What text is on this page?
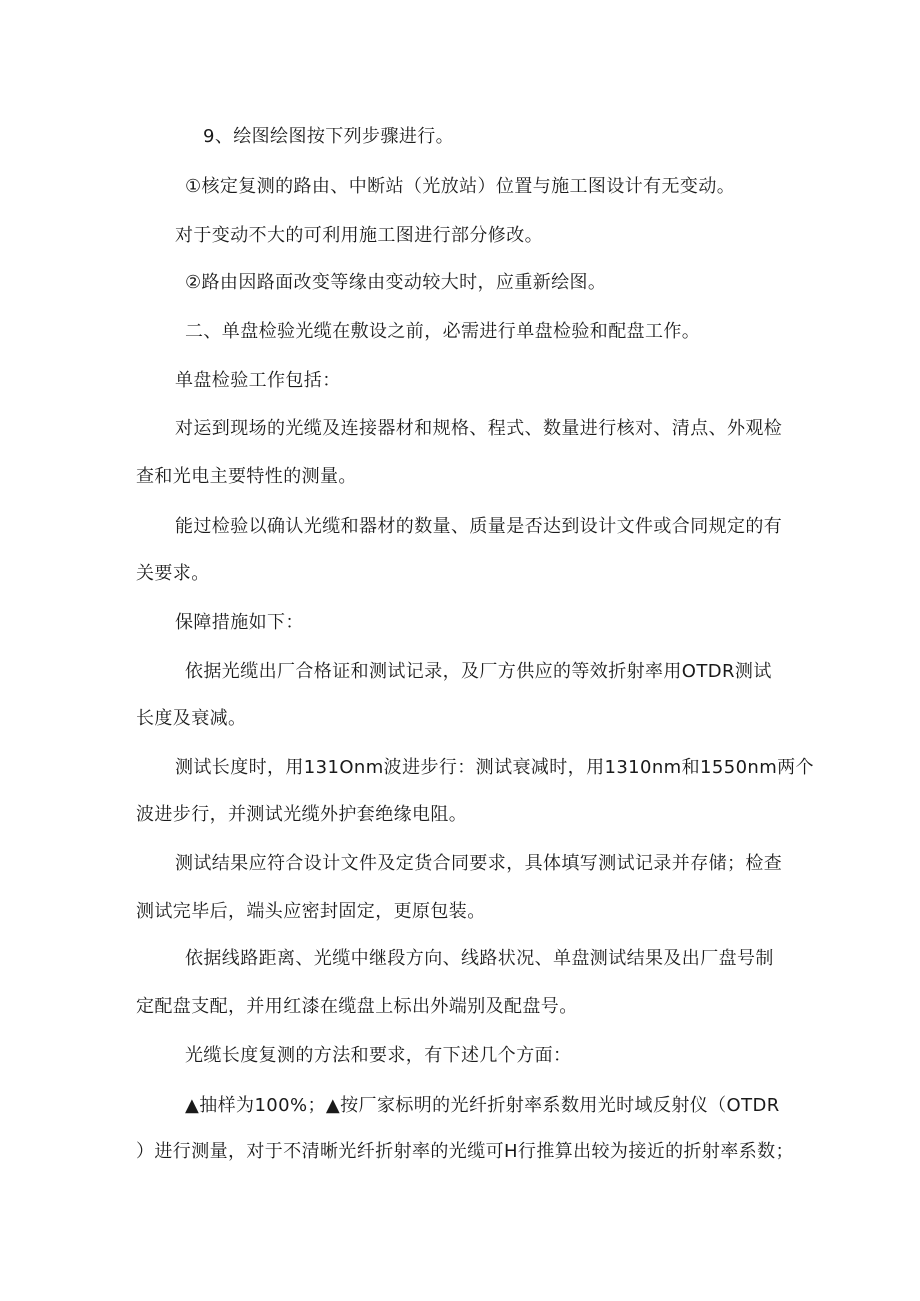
9、绘图绘图按下列步骤进行。
①核定复测的路由、中断站（光放站）位置与施工图设计有无变动。
对于变动不大的可利用施工图进行部分修改。
②路由因路面改变等缘由变动较大时，应重新绘图。
二、单盘检验光缆在敷设之前，必需进行单盘检验和配盘工作。
单盘检验工作包括：
对运到现场的光缆及连接器材和规格、程式、数量进行核对、清点、外观检
查和光电主要特性的测量。
能过检验以确认光缆和器材的数量、质量是否达到设计文件或合同规定的有
关要求。
保障措施如下：
依据光缆出厂合格证和测试记录，及厂方供应的等效折射率用OTDR测试
长度及衰减。
测试长度时，用131Onm波进步行：测试衰减时，用1310nm和1550nm两个
波进步行，并测试光缆外护套绝缘电阻。
测试结果应符合设计文件及定货合同要求，具体填写测试记录并存储；检查
测试完毕后，端头应密封固定，更原包装。
依据线路距离、光缆中继段方向、线路状况、单盘测试结果及出厂盘号制
定配盘支配，并用红漆在缆盘上标出外端别及配盘号。
光缆长度复测的方法和要求，有下述几个方面：
▲抽样为100%；▲按厂家标明的光纤折射率系数用光时域反射仪（OTDR
）进行测量，对于不清晰光纤折射率的光缆可H行推算出较为接近的折射率系数；
